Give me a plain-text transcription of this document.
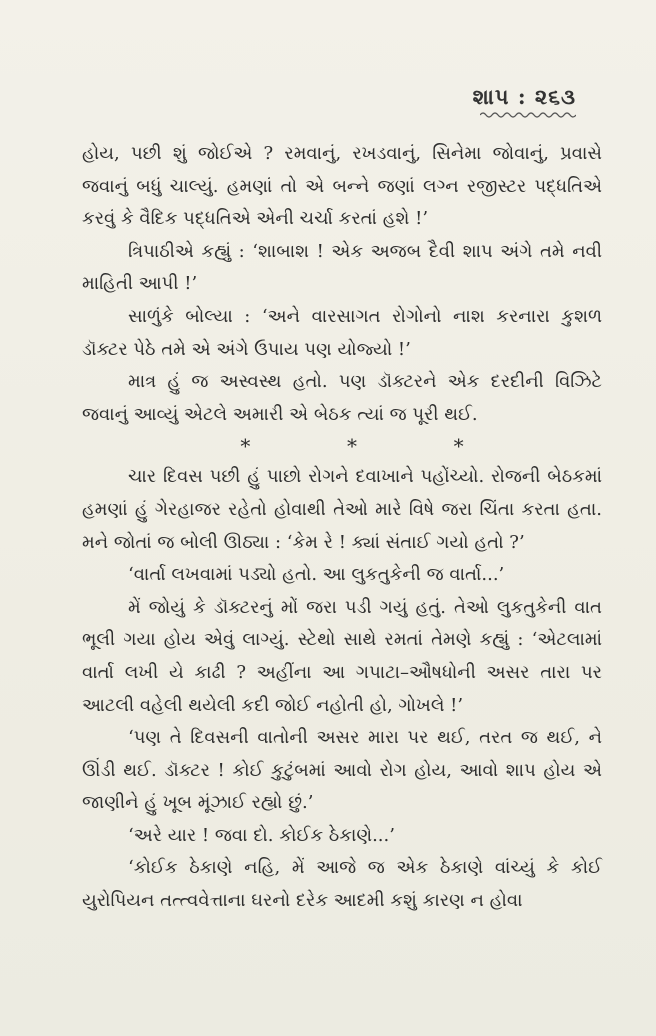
શાપ : ૨૬૩

હોય, પછી શું જોઈએ ? રમવાનું, રખડવાનું, સિનેમા જોવાનું, પ્રવાસે જવાનું બધું ચાલ્યું. હમણાં તો એ બન્ને જણાં લગ્ન રજીસ્ટર પદ્ધતિએ કરવું કે વૈદિક પદ્ધતિએ એની ચર્ચા કરતાં હશે !’

ત્રિપાઠીએ કહ્યું : ‘શાબાશ ! એક અજબ દૈવી શાપ અંગે તમે નવી માહિતી આપી !’

સાળુંકે બોલ્યા : ‘અને વારસાગત રોગોનો નાશ કરનારા કુશળ ડૉક્ટર પેઠે તમે એ અંગે ઉપાય પણ યોજ્યો !’

માત્ર હું જ અસ્વસ્થ હતો. પણ ડૉક્ટરને એક દરદીની વિઝિટે જવાનું આવ્યું એટલે અમારી એ બેઠક ત્યાં જ પૂરી થઈ.

*	*	*

ચાર દિવસ પછી હું પાછો રોગને દવાખાને પહોંચ્યો. રોજની બેઠકમાં હમણાં હું ગેરહાજર રહેતો હોવાથી તેઓ મારે વિષે જરા ચિંતા કરતા હતા. મને જોતાં જ બોલી ઊઠ્યા : ‘કેમ રે ! ક્યાં સંતાઈ ગયો હતો ?’

‘વાર્તા લખવામાં પડ્યો હતો. આ લુકતુકેની જ વાર્તા...’

મેં જોયું કે ડૉક્ટરનું મોં જરા પડી ગયું હતું. તેઓ લુકતુકેની વાત ભૂલી ગયા હોય એવું લાગ્યું. સ્ટેથો સાથે રમતાં તેમણે કહ્યું : ‘એટલામાં વાર્તા લખી યે કાઢી ? અહીંના આ ગપાટા–ઔષધોની અસર તારા પર આટલી વહેલી થયેલી કદી જોઈ નહોતી હો, ગોખલે !’

‘પણ તે દિવસની વાતોની અસર મારા પર થઈ, તરત જ થઈ, ને ઊંડી થઈ. ડૉક્ટર ! કોઈ કુટુંબમાં આવો રોગ હોય, આવો શાપ હોય એ જાણીને હું ખૂબ મૂંઝાઈ રહ્યો છું.’

‘અરે યાર ! જવા દો. કોઈક ઠેકાણે...’

‘કોઈક ઠેકાણે નહિ, મેં આજે જ એક ઠેકાણે વાંચ્યું કે કોઈ યુરોપિયન તત્ત્વવેત્તાના ઘરનો દરેક આદમી કશું કારણ ન હોવા
